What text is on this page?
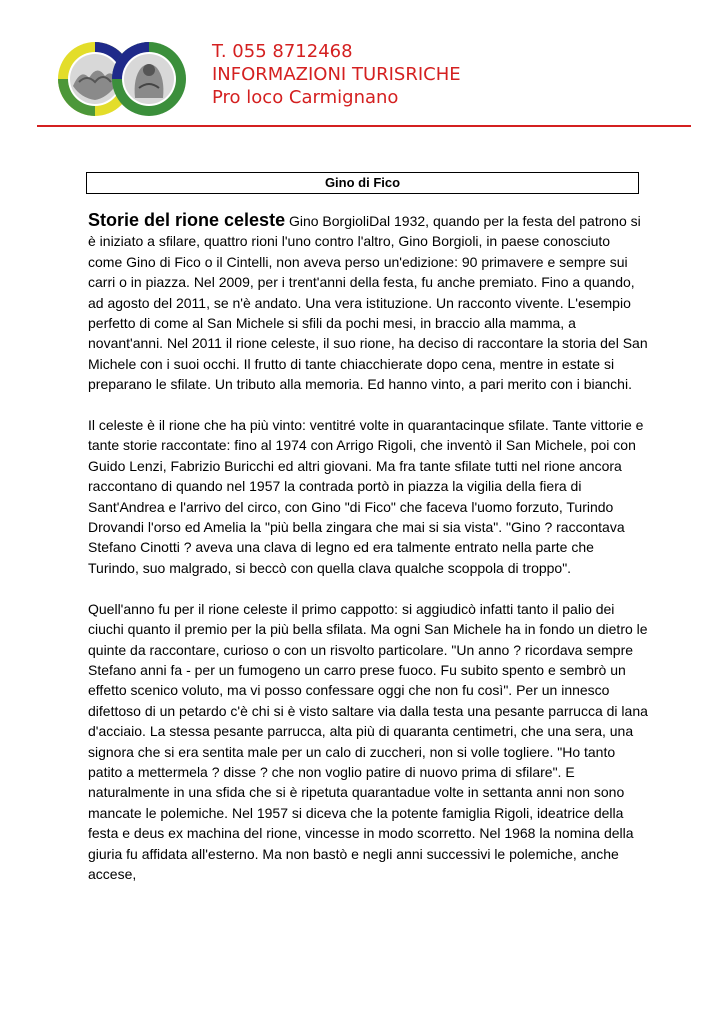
T. 055 8712468
INFORMAZIONI TURISRICHE
Pro loco Carmignano
Gino di Fico

Storie del rione celeste Gino BorgioliDal 1932, quando per la festa del patrono si è iniziato a sfilare, quattro rioni l'uno contro l'altro, Gino Borgioli, in paese conosciuto come Gino di Fico o il Cintelli, non aveva perso un'edizione: 90 primavere e sempre sui carri o in piazza. Nel 2009, per i trent'anni della festa, fu anche premiato. Fino a quando, ad agosto del 2011, se n'è andato. Una vera istituzione. Un racconto vivente. L'esempio perfetto di come al San Michele si sfili da pochi mesi, in braccio alla mamma, a novant'anni. Nel 2011 il rione celeste, il suo rione, ha deciso di raccontare la storia del San Michele con i suoi occhi. Il frutto di tante chiacchierate dopo cena, mentre in estate si preparano le sfilate. Un tributo alla memoria. Ed hanno vinto, a pari merito con i bianchi.

Il celeste è il rione che ha più vinto: ventitré volte in quarantacinque sfilate. Tante vittorie e tante storie raccontate: fino al 1974 con Arrigo Rigoli, che inventò il San Michele, poi con Guido Lenzi, Fabrizio Buricchi ed altri giovani. Ma fra tante sfilate tutti nel rione ancora raccontano di quando nel 1957 la contrada portò in piazza la vigilia della fiera di Sant'Andrea e l'arrivo del circo, con Gino "di Fico" che faceva l'uomo forzuto, Turindo Drovandi l'orso ed Amelia la "più bella zingara che mai si sia vista". "Gino ? raccontava Stefano Cinotti ? aveva una clava di legno ed era talmente entrato nella parte che Turindo, suo malgrado, si beccò con quella clava qualche scoppola di troppo".

Quell'anno fu per il rione celeste il primo cappotto: si aggiudicò infatti tanto il palio dei ciuchi quanto il premio per la più bella sfilata. Ma ogni San Michele ha in fondo un dietro le quinte da raccontare, curioso o con un risvolto particolare. "Un anno ? ricordava sempre Stefano anni fa - per un fumogeno un carro prese fuoco. Fu subito spento e sembrò un effetto scenico voluto, ma vi posso confessare oggi che non fu così". Per un innesco difettoso di un petardo c'è chi si è visto saltare via dalla testa una pesante parrucca di lana d'acciaio. La stessa pesante parrucca, alta più di quaranta centimetri, che una sera, una signora che si era sentita male per un calo di zuccheri, non si volle togliere. "Ho tanto patito a mettermela ? disse ? che non voglio patire di nuovo prima di sfilare". E naturalmente in una sfida che si è ripetuta quarantadue volte in settanta anni non sono mancate le polemiche. Nel 1957 si diceva che la potente famiglia Rigoli, ideatrice della festa e deus ex machina del rione, vincesse in modo scorretto. Nel 1968 la nomina della giuria fu affidata all'esterno. Ma non bastò e negli anni successivi le polemiche, anche accese,
